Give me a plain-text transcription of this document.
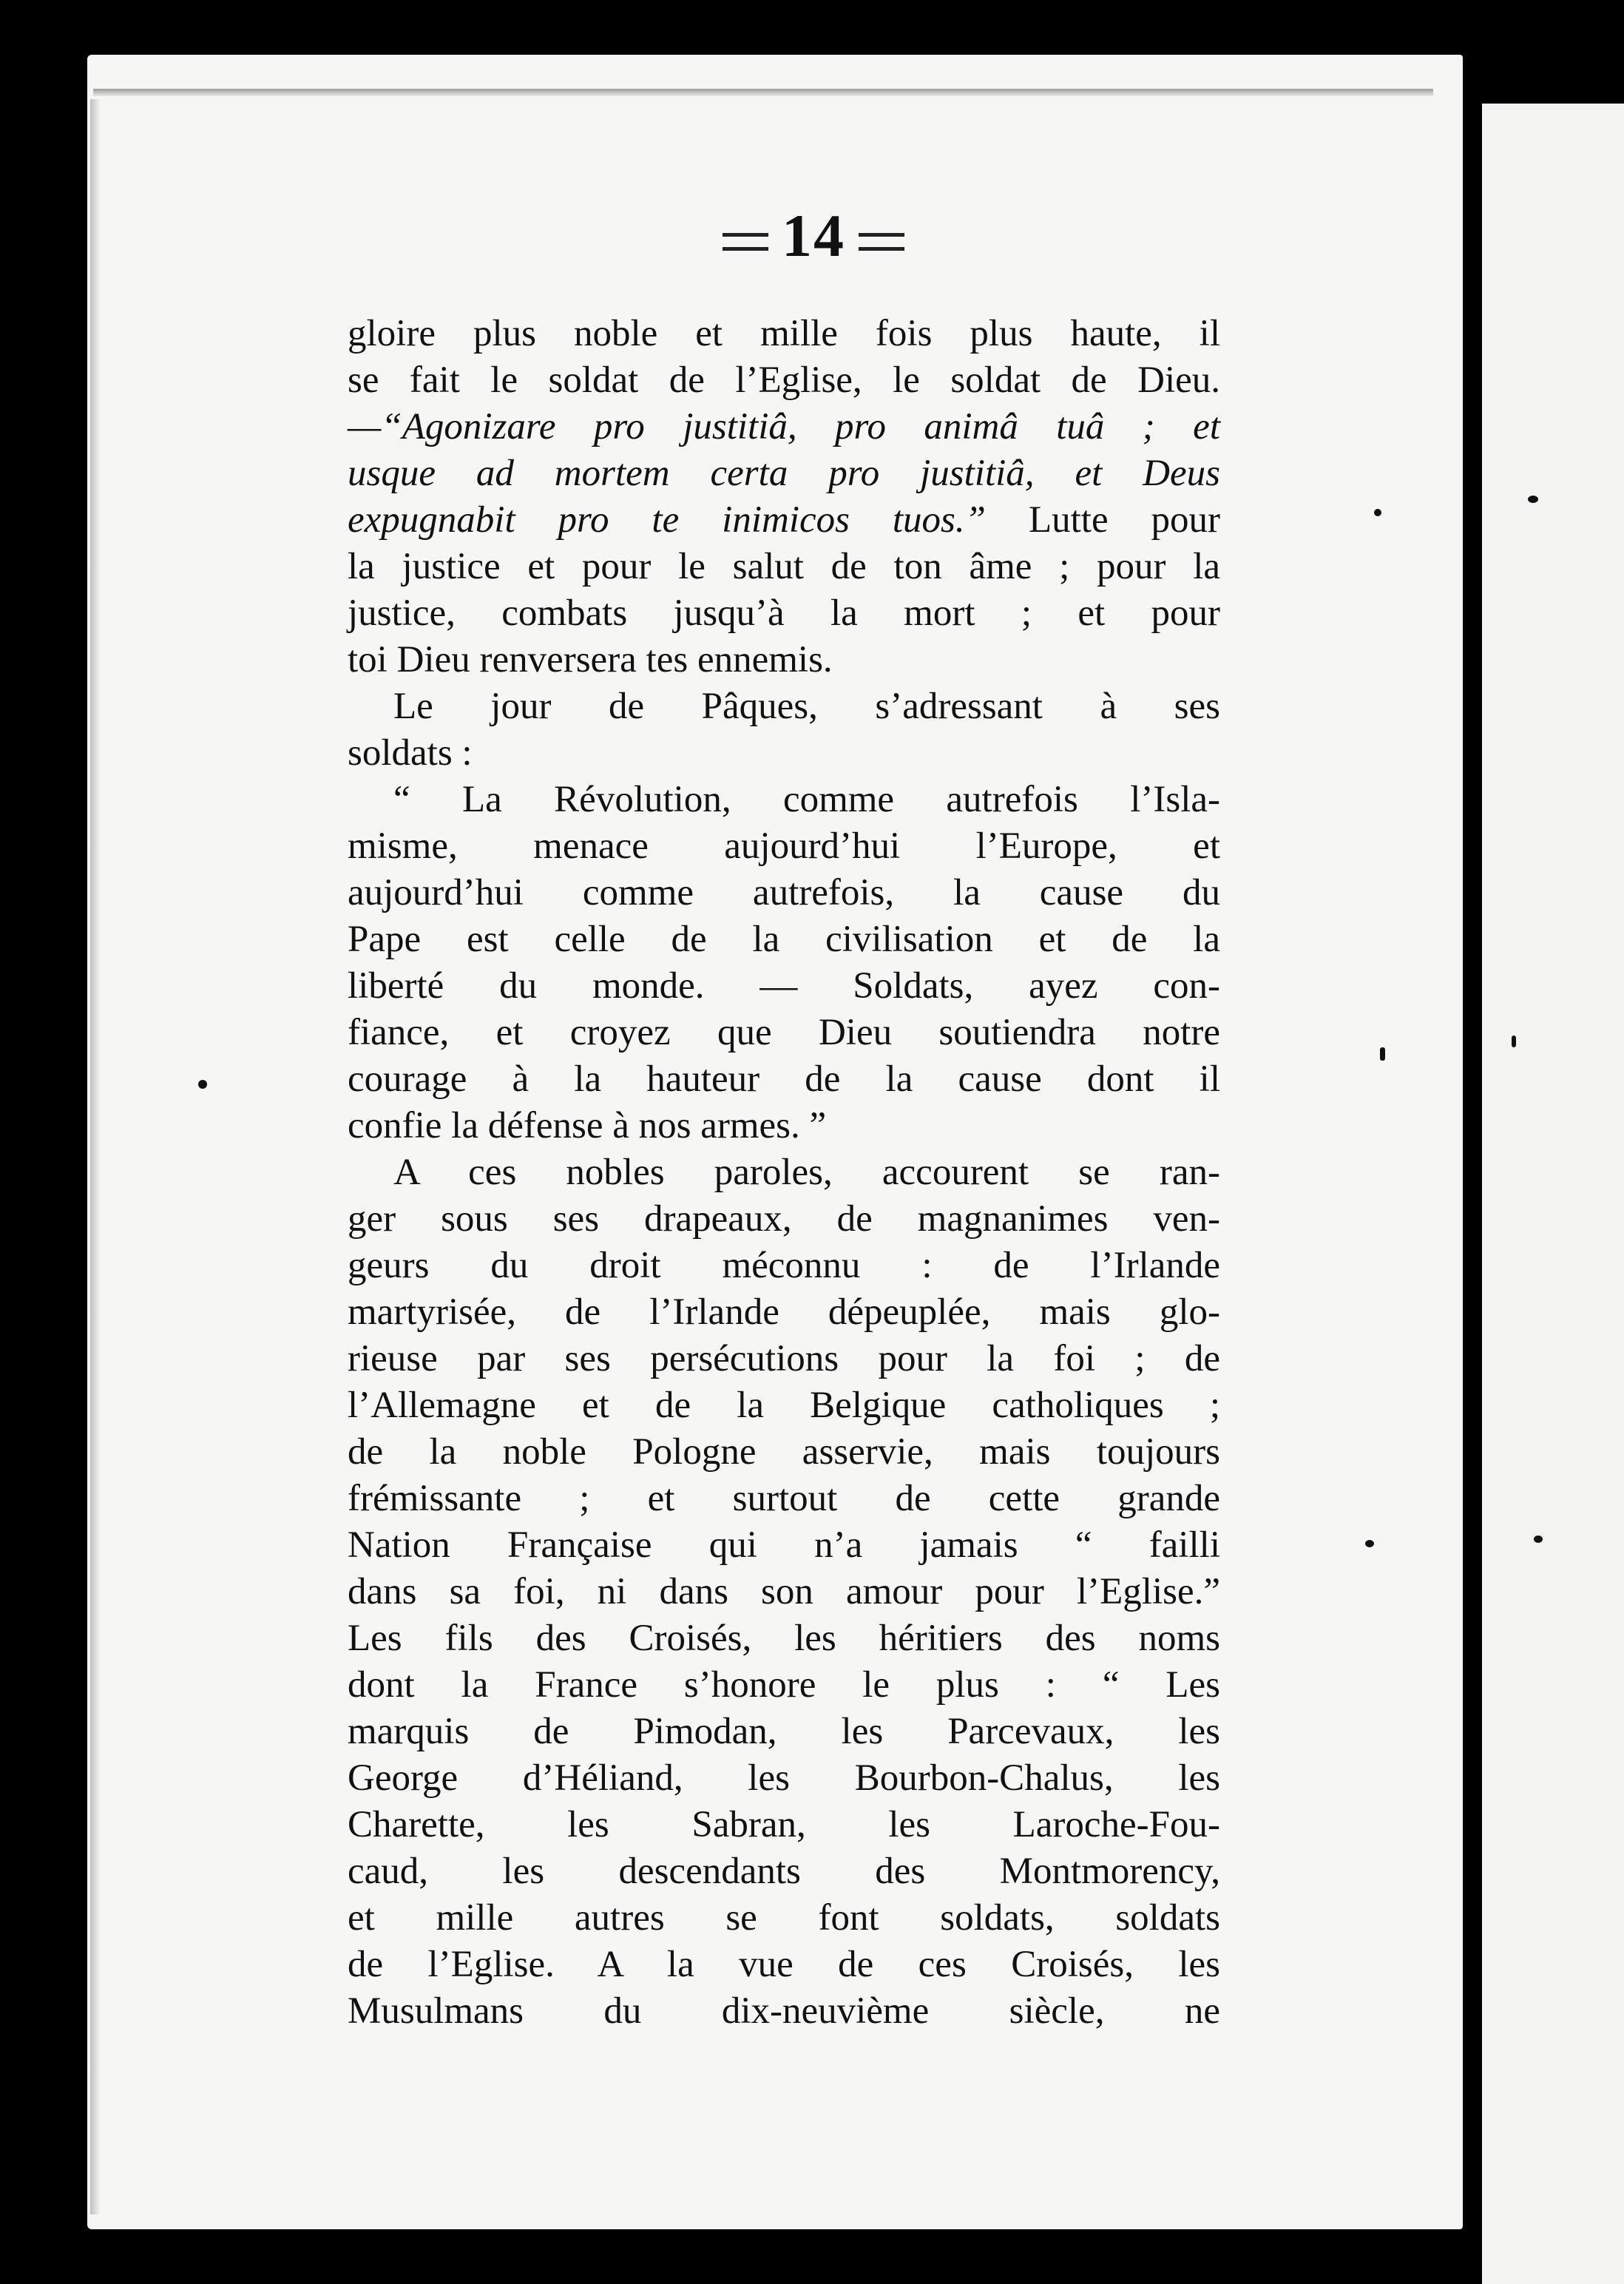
14

gloire plus noble et mille fois plus haute, il

se fait le soldat de l’Eglise, le soldat de Dieu.

—“Agonizare pro justitiâ, pro animâ tuâ ; et

usque ad mortem certa pro justitiâ, et Deus

expugnabit pro te inimicos tuos.” Lutte pour

la justice et pour le salut de ton âme ; pour la

justice, combats jusqu’à la mort ; et pour

toi Dieu renversera tes ennemis.

Le jour de Pâques, s’adressant à ses

soldats :

“ La Révolution, comme autrefois l’Isla-

misme, menace aujourd’hui l’Europe, et

aujourd’hui comme autrefois, la cause du

Pape est celle de la civilisation et de la

liberté du monde. — Soldats, ayez con-

fiance, et croyez que Dieu soutiendra notre

courage à la hauteur de la cause dont il

confie la défense à nos armes. ”

A ces nobles paroles, accourent se ran-

ger sous ses drapeaux, de magnanimes ven-

geurs du droit méconnu : de l’Irlande

martyrisée, de l’Irlande dépeuplée, mais glo-

rieuse par ses persécutions pour la foi ; de

l’Allemagne et de la Belgique catholiques ;

de la noble Pologne asservie, mais toujours

frémissante ; et surtout de cette grande

Nation Française qui n’a jamais “ failli

dans sa foi, ni dans son amour pour l’Eglise.”

Les fils des Croisés, les héritiers des noms

dont la France s’honore le plus : “ Les

marquis de Pimodan, les Parcevaux, les

George d’Héliand, les Bourbon-Chalus, les

Charette, les Sabran, les Laroche-Fou-

caud, les descendants des Montmorency,

et mille autres se font soldats, soldats

de l’Eglise. A la vue de ces Croisés, les

Musulmans du dix-neuvième siècle, ne
